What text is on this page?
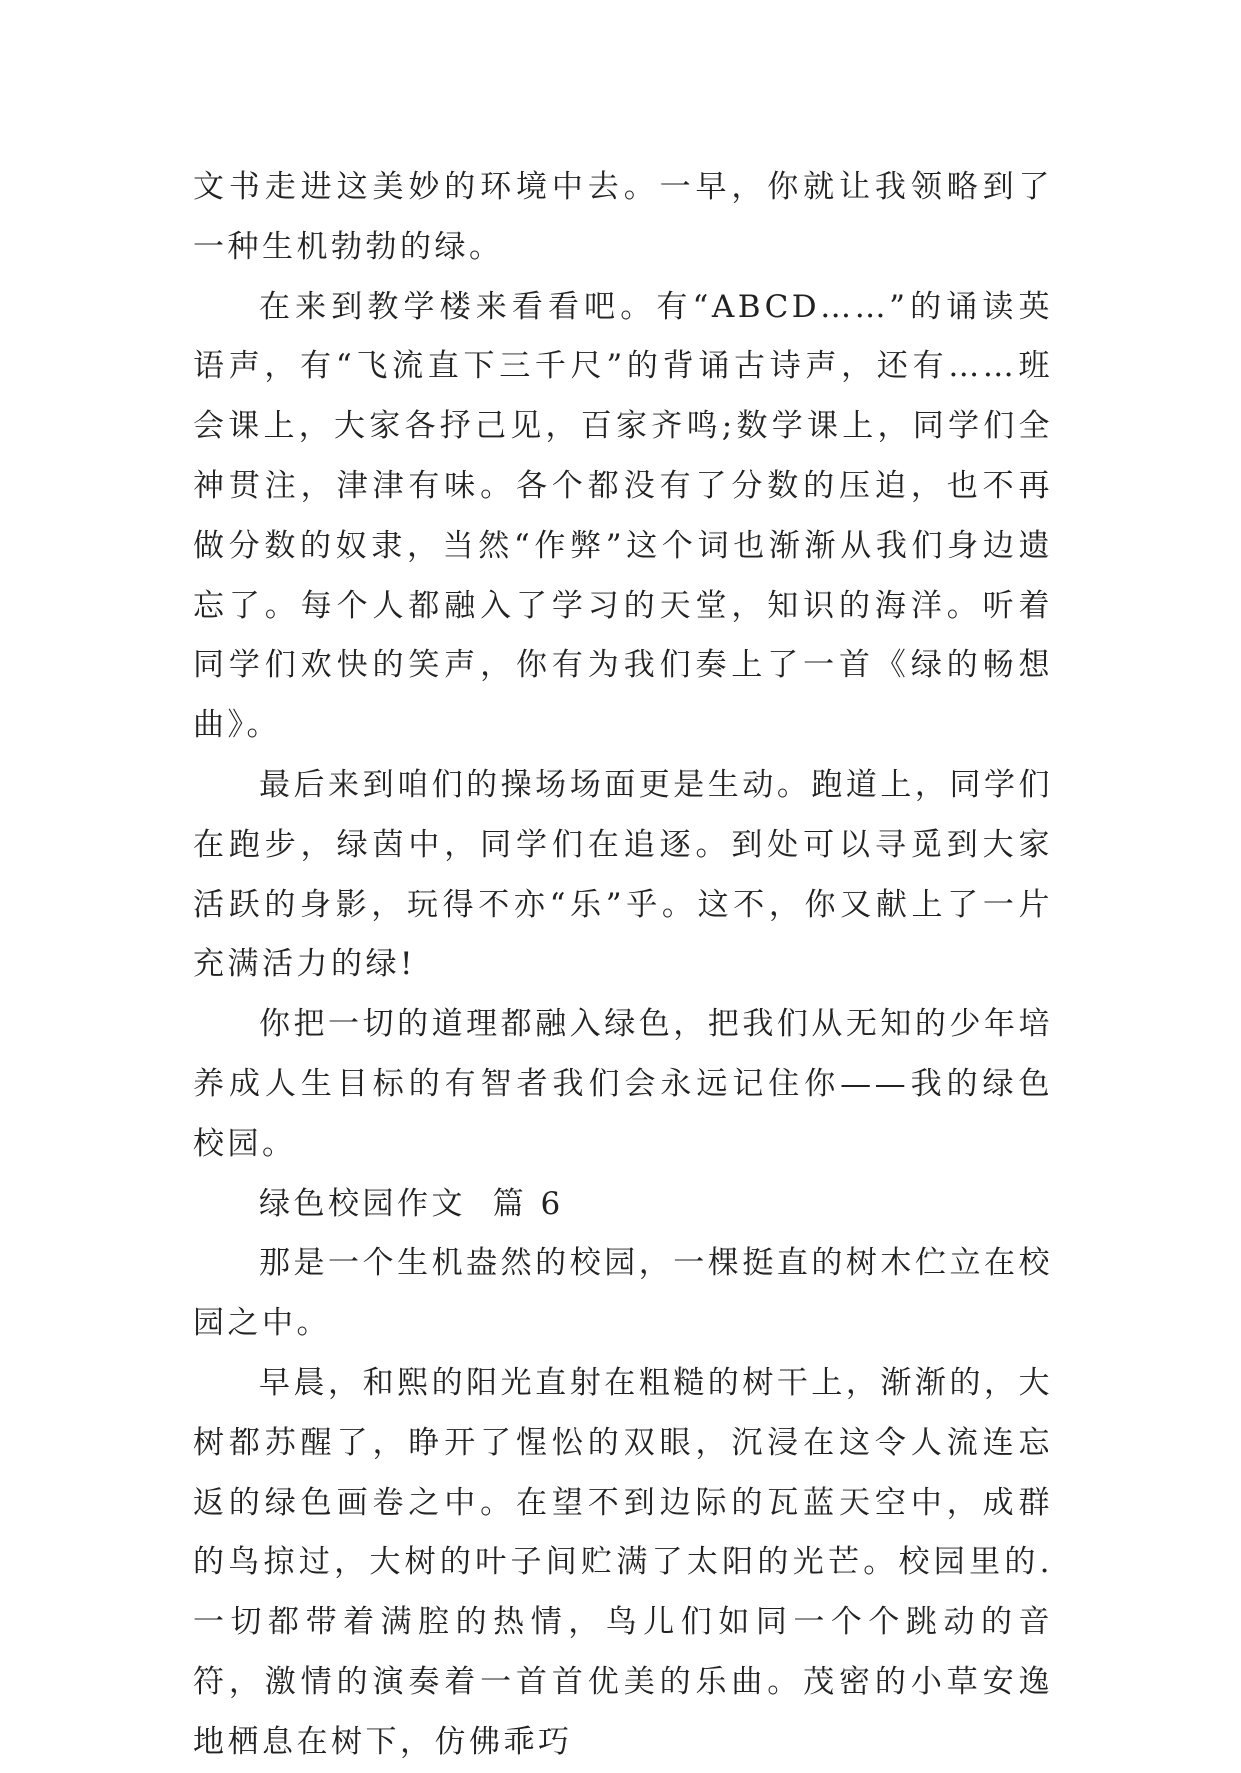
文书走进这美妙的环境中去。一早，你就让我领略到了一种生机勃勃的绿。

在来到教学楼来看看吧。有“ABCD……”的诵读英语声，有“飞流直下三千尺”的背诵古诗声，还有……班会课上，大家各抒己见，百家齐鸣;数学课上，同学们全神贯注，津津有味。各个都没有了分数的压迫，也不再做分数的奴隶，当然“作弊”这个词也渐渐从我们身边遗忘了。每个人都融入了学习的天堂，知识的海洋。听着同学们欢快的笑声，你有为我们奏上了一首《绿的畅想曲》。

最后来到咱们的操场场面更是生动。跑道上，同学们在跑步，绿茵中，同学们在追逐。到处可以寻觅到大家活跃的身影，玩得不亦“乐”乎。这不，你又献上了一片充满活力的绿!

你把一切的道理都融入绿色，把我们从无知的少年培养成人生目标的有智者我们会永远记住你——我的绿色校园。

绿色校园作文  篇 6

那是一个生机盎然的校园，一棵挺直的树木伫立在校园之中。

早晨，和熙的阳光直射在粗糙的树干上，渐渐的，大树都苏醒了，睁开了惺忪的双眼，沉浸在这令人流连忘返的绿色画卷之中。在望不到边际的瓦蓝天空中，成群的鸟掠过，大树的叶子间贮满了太阳的光芒。校园里的.一切都带着满腔的热情，鸟儿们如同一个个跳动的音符，激情的演奏着一首首优美的乐曲。茂密的小草安逸地栖息在树下，仿佛乖巧
